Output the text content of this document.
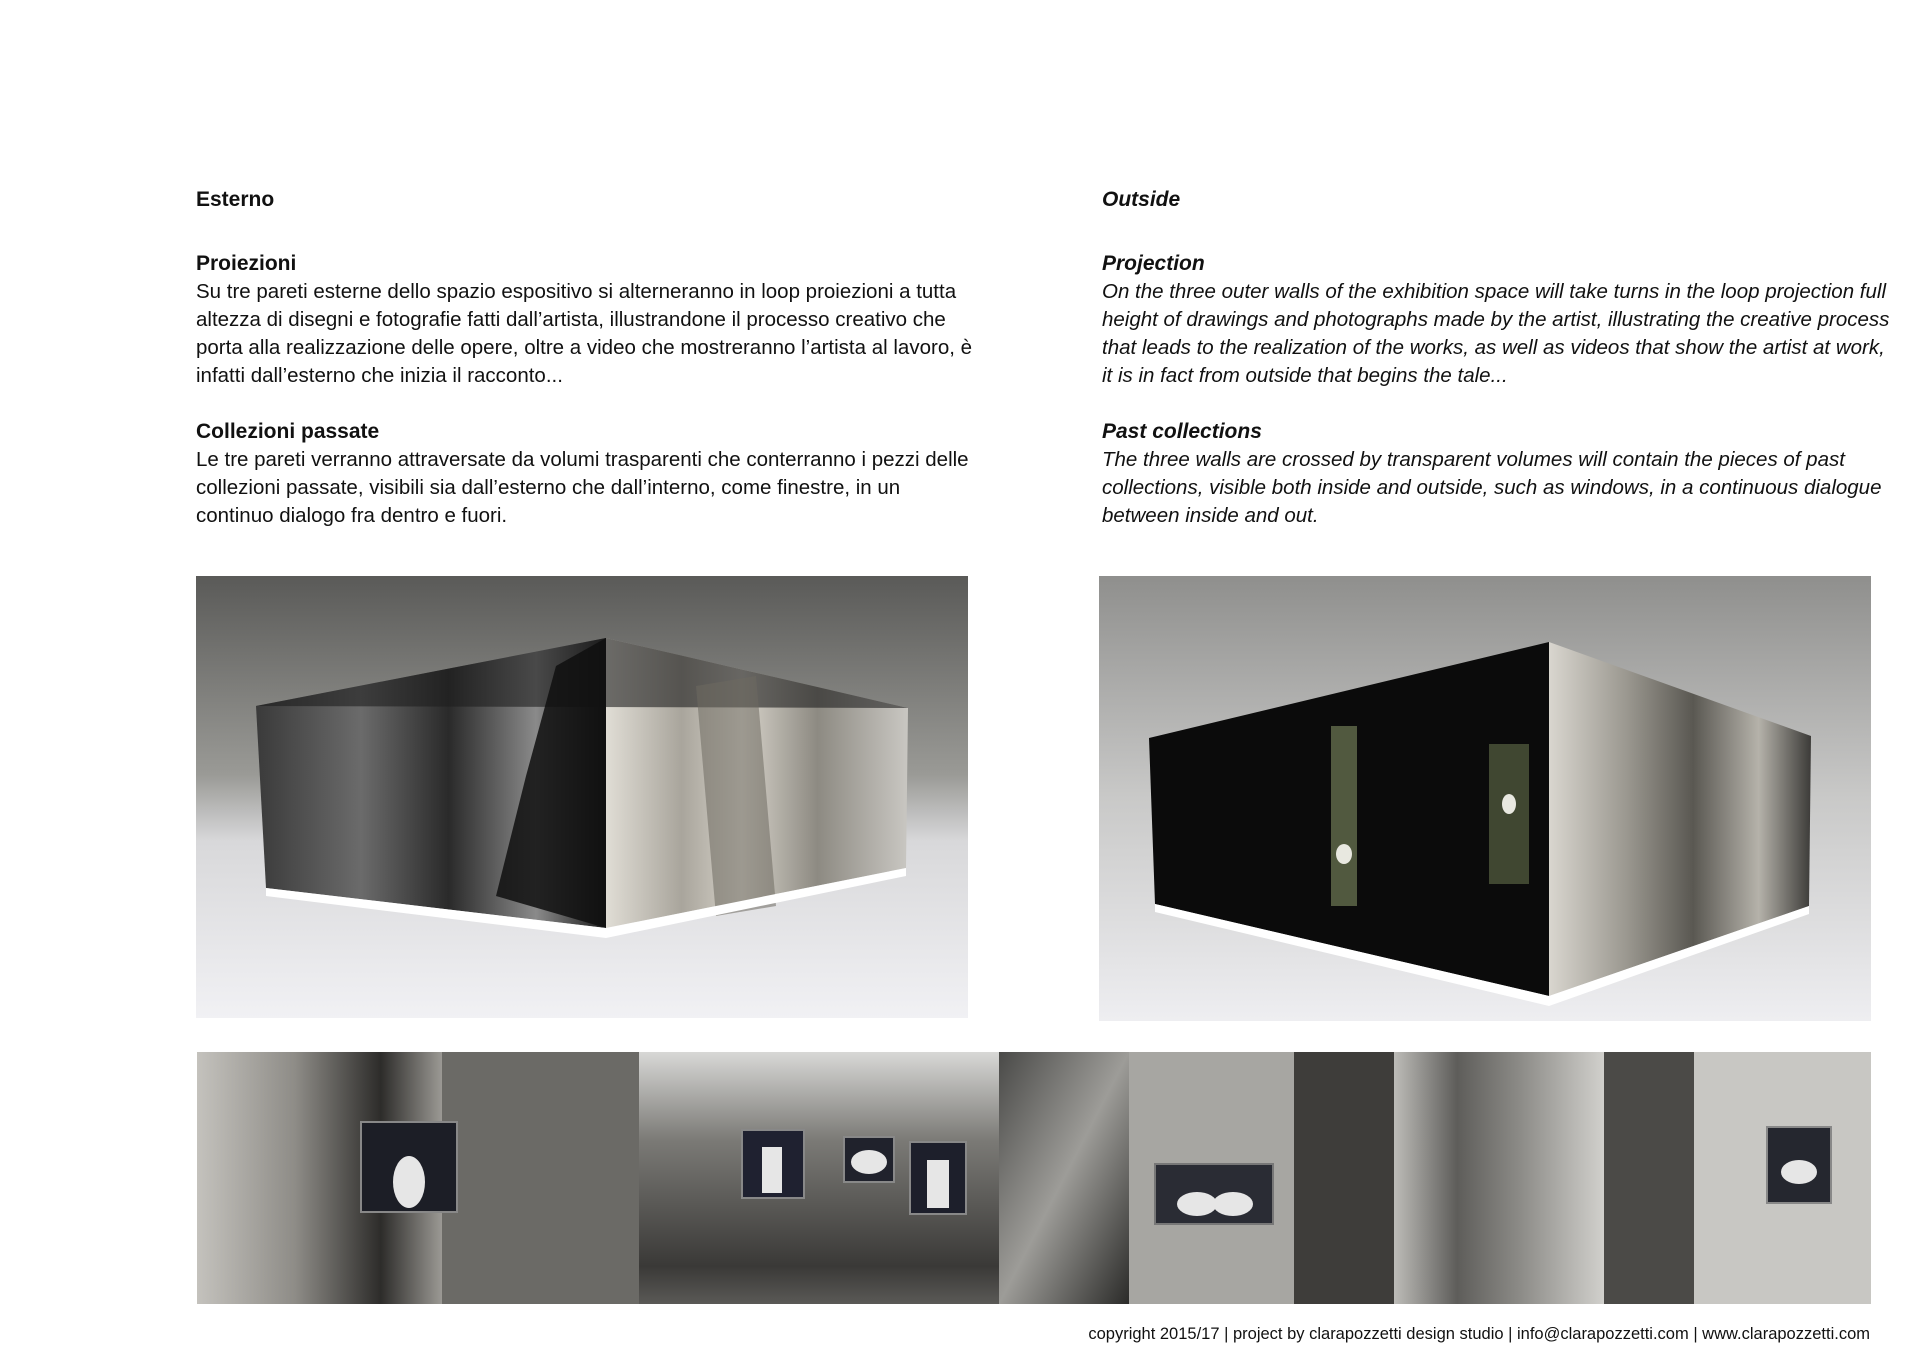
Esterno

Proiezioni

Su tre pareti esterne dello spazio espositivo si alterneranno in loop proiezioni a tutta altezza di disegni e fotografie fatti dall’artista, illustrandone il processo creativo che porta alla realizzazione delle opere, oltre a video che mostreranno l’artista al lavoro, è infatti dall’esterno che inizia il racconto...

Collezioni passate

Le tre pareti verranno attraversate da volumi trasparenti che conterranno i pezzi delle collezioni passate, visibili sia dall’esterno che dall’interno, come finestre, in un continuo dialogo fra dentro e fuori.

Outside

Projection

On the three outer walls of the exhibition space will take turns in the loop projection full height of drawings and photographs made by the artist, illustrating the creative process that leads to the realization of the works, as well as videos that show the artist at work, it is in fact from outside that begins the tale...

Past collections

The three walls are crossed by transparent volumes will contain the pieces of past collections, visible both inside and outside, such as windows, in a continuous dialogue between inside and out.

copyright 2015/17 | project by clarapozzetti design studio | info@clarapozzetti.com | www.clarapozzetti.com
